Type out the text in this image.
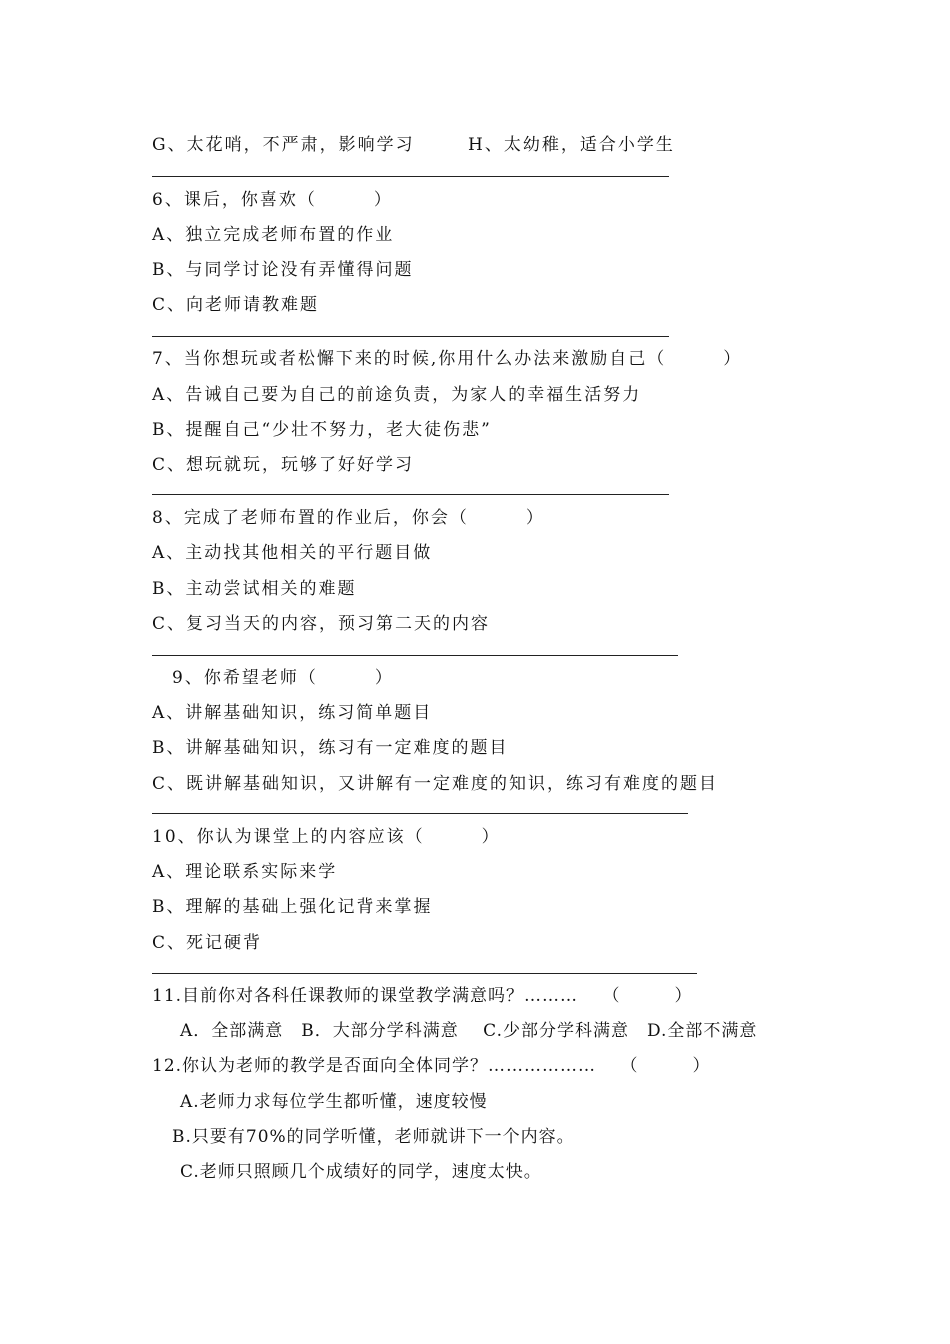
G、太花哨，不严肃，影响学习	H、太幼稚，适合小学生
6、课后，你喜欢（　　　）
A、独立完成老师布置的作业
B、与同学讨论没有弄懂得问题
C、向老师请教难题
7、当你想玩或者松懈下来的时候,你用什么办法来激励自己（　　　）
A、告诫自己要为自己的前途负责，为家人的幸福生活努力
B、提醒自己“少壮不努力，老大徒伤悲”
C、想玩就玩，玩够了好好学习
8、完成了老师布置的作业后，你会（　　　）
A、主动找其他相关的平行题目做
B、主动尝试相关的难题
C、复习当天的内容，预习第二天的内容
9、你希望老师（　　　）
A、讲解基础知识，练习简单题目
B、讲解基础知识，练习有一定难度的题目
C、既讲解基础知识，又讲解有一定难度的知识，练习有难度的题目
10、你认为课堂上的内容应该（　　　）
A、理论联系实际来学
B、理解的基础上强化记背来掌握
C、死记硬背
11.目前你对各科任课教师的课堂教学满意吗？………　 （　　　）
A．全部满意　B．大部分学科满意　 C.少部分学科满意　D.全部不满意
12.你认为老师的教学是否面向全体同学？………………　 （　　　）
A.老师力求每位学生都听懂，速度较慢
B.只要有70%的同学听懂，老师就讲下一个内容。
C.老师只照顾几个成绩好的同学，速度太快。
